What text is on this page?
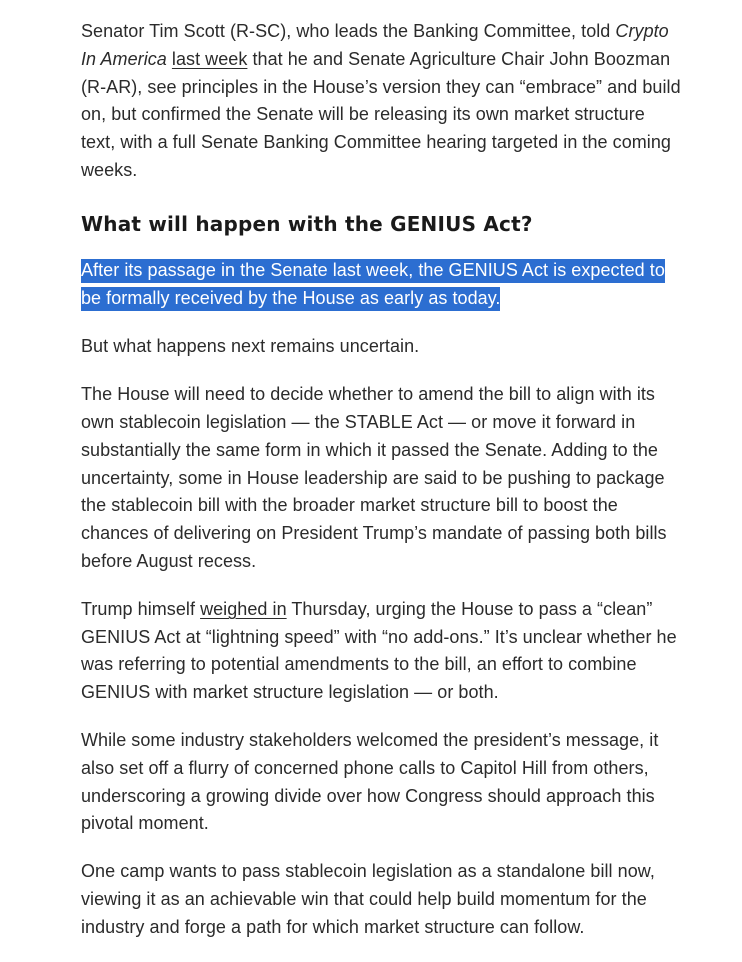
Senator Tim Scott (R-SC), who leads the Banking Committee, told Crypto In America last week that he and Senate Agriculture Chair John Boozman (R-AR), see principles in the House’s version they can “embrace” and build on, but confirmed the Senate will be releasing its own market structure text, with a full Senate Banking Committee hearing targeted in the coming weeks.

What will happen with the GENIUS Act?

After its passage in the Senate last week, the GENIUS Act is expected to be formally received by the House as early as today.

But what happens next remains uncertain.

The House will need to decide whether to amend the bill to align with its own stablecoin legislation — the STABLE Act — or move it forward in substantially the same form in which it passed the Senate. Adding to the uncertainty, some in House leadership are said to be pushing to package the stablecoin bill with the broader market structure bill to boost the chances of delivering on President Trump’s mandate of passing both bills before August recess.

Trump himself weighed in Thursday, urging the House to pass a “clean” GENIUS Act at “lightning speed” with “no add-ons.” It’s unclear whether he was referring to potential amendments to the bill, an effort to combine GENIUS with market structure legislation — or both.

While some industry stakeholders welcomed the president’s message, it also set off a flurry of concerned phone calls to Capitol Hill from others, underscoring a growing divide over how Congress should approach this pivotal moment.

One camp wants to pass stablecoin legislation as a standalone bill now, viewing it as an achievable win that could help build momentum for the industry and forge a path for which market structure can follow.
